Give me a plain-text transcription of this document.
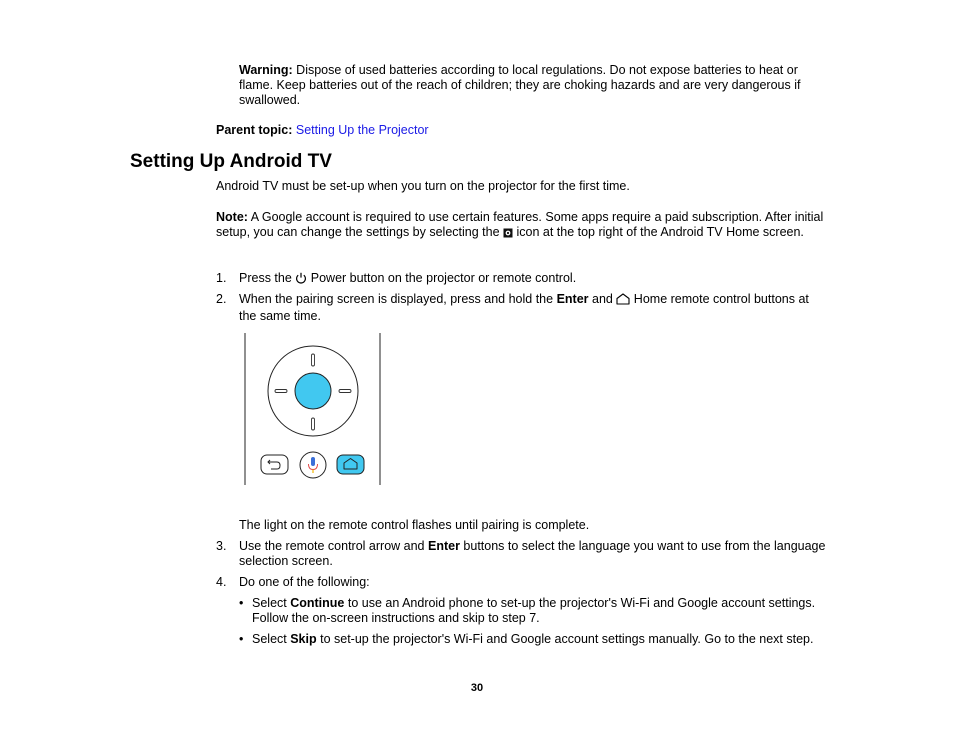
Warning: Dispose of used batteries according to local regulations. Do not expose batteries to heat or flame. Keep batteries out of the reach of children; they are choking hazards and are very dangerous if swallowed.
Parent topic: Setting Up the Projector
Setting Up Android TV
Android TV must be set-up when you turn on the projector for the first time.
Note: A Google account is required to use certain features. Some apps require a paid subscription. After initial setup, you can change the settings by selecting the  icon at the top right of the Android TV Home screen.
1. Press the  Power button on the projector or remote control.
2. When the pairing screen is displayed, press and hold the Enter and  Home remote control buttons at the same time.
The light on the remote control flashes until pairing is complete.
3. Use the remote control arrow and Enter buttons to select the language you want to use from the language selection screen.
4. Do one of the following:
• Select Continue to use an Android phone to set-up the projector's Wi-Fi and Google account settings. Follow the on-screen instructions and skip to step 7.
• Select Skip to set-up the projector's Wi-Fi and Google account settings manually. Go to the next step.
30
